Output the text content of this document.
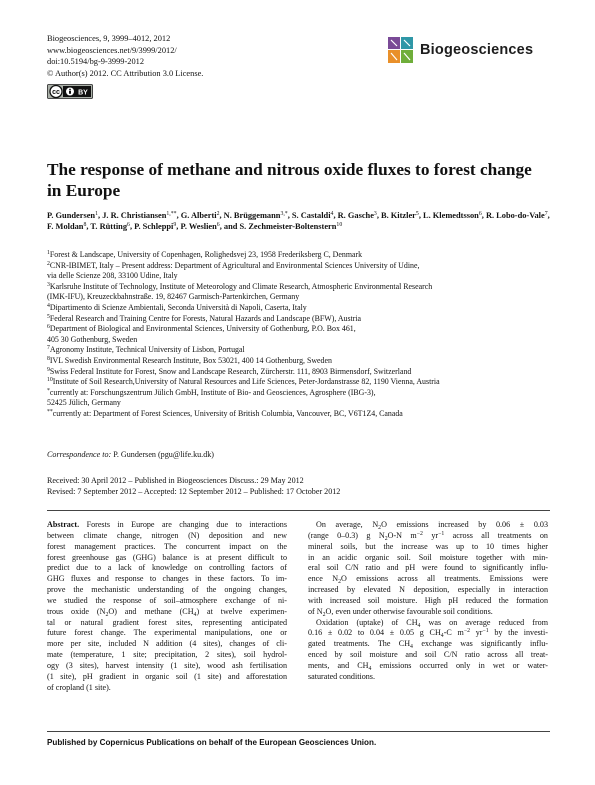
Biogeosciences, 9, 3999–4012, 2012
www.biogeosciences.net/9/3999/2012/
doi:10.5194/bg-9-3999-2012
© Author(s) 2012. CC Attribution 3.0 License.
cc	BY
Biogeosciences
The response of methane and nitrous oxide fluxes to forest change
in Europe
P. Gundersen$^1$, J. R. Christiansen$^{1,**}$, G. Alberti$^2$, N. Brüggemann$^{3,*}$, S. Castaldi$^4$, R. Gasche$^3$, B. Kitzler$^5$, L. Klemedtsson$^6$, R. Lobo-do-Vale$^7$, F. Moldan$^8$, T. Rütting$^6$, P. Schleppi$^9$, P. Weslien$^6$, and S. Zechmeister-Boltenstern$^{10}$
$^1$Forest & Landscape, University of Copenhagen, Rolighedsvej 23, 1958 Frederiksberg C, Denmark
$^2$CNR-IBIMET, Italy – Present address: Department of Agricultural and Environmental Sciences University of Udine,
via delle Scienze 208, 33100 Udine, Italy
$^3$Karlsruhe Institute of Technology, Institute of Meteorology and Climate Research, Atmospheric Environmental Research
(IMK-IFU), Kreuzeckbahnstraße. 19, 82467 Garmisch-Partenkirchen, Germany
$^4$Dipartimento di Scienze Ambientali, Seconda Università di Napoli, Caserta, Italy
$^5$Federal Research and Training Centre for Forests, Natural Hazards and Landscape (BFW), Austria
$^6$Department of Biological and Environmental Sciences, University of Gothenburg, P.O. Box 461,
405 30 Gothenburg, Sweden
$^7$Agronomy Institute, Technical University of Lisbon, Portugal
$^8$IVL Swedish Environmental Research Institute, Box 53021, 400 14 Gothenburg, Sweden
$^9$Swiss Federal Institute for Forest, Snow and Landscape Research, Zürcherstr. 111, 8903 Birmensdorf, Switzerland
$^{10}$Institute of Soil Research,University of Natural Resources and Life Sciences, Peter-Jordanstrasse 82, 1190 Vienna, Austria
*currently at: Forschungszentrum Jülich GmbH, Institute of Bio- and Geosciences, Agrosphere (IBG-3),
52425 Jülich, Germany
**currently at: Department of Forest Sciences, University of British Columbia, Vancouver, BC, V6T1Z4, Canada
Correspondence to: P. Gundersen (pgu@life.ku.dk)
Received: 30 April 2012 – Published in Biogeosciences Discuss.: 29 May 2012
Revised: 7 September 2012 – Accepted: 12 September 2012 – Published: 17 October 2012
Abstract. Forests in Europe are changing due to interactions
between climate change, nitrogen (N) deposition and new
forest management practices. The concurrent impact on the
forest greenhouse gas (GHG) balance is at present difficult to
predict due to a lack of knowledge on controlling factors of
GHG fluxes and response to changes in these factors. To im-
prove the mechanistic understanding of the ongoing changes,
we studied the response of soil–atmosphere exchange of ni-
trous oxide $(N_2O)$ and methane $(CH_4)$ at twelve experimen-
tal or natural gradient forest sites, representing anticipated
future forest change. The experimental manipulations, one or
more per site, included N addition (4 sites), changes of cli-
mate (temperature, 1 site; precipitation, 2 sites), soil hydrol-
ogy (3 sites), harvest intensity (1 site), wood ash fertilisation
(1 site), pH gradient in organic soil (1 site) and afforestation
of cropland (1 site).
On average, $N_2O$ emissions increased by 0.06 ± 0.03
(range 0–0.3) g $N_2O-N$ $m^{-2}$ $yr^{-1}$ across all treatments on
mineral soils, but the increase was up to 10 times higher
in an acidic organic soil. Soil moisture together with min-
eral soil C/N ratio and pH were found to significantly influ-
ence $N_2O$ emissions across all treatments. Emissions were
increased by elevated N deposition, especially in interaction
with increased soil moisture. High pH reduced the formation
of $N_2O$, even under otherwise favourable soil conditions.
Oxidation (uptake) of $CH_4$ was on average reduced from
0.16 ± 0.02 to 0.04 ± 0.05 g $CH_4-C$ $m^{-2}$ $yr^{-1}$ by the investi-
gated treatments. The $CH_4$ exchange was significantly influ-
enced by soil moisture and soil C/N ratio across all treat-
ments, and $CH_4$ emissions occurred only in wet or water-
saturated conditions.
Published by Copernicus Publications on behalf of the European Geosciences Union.
